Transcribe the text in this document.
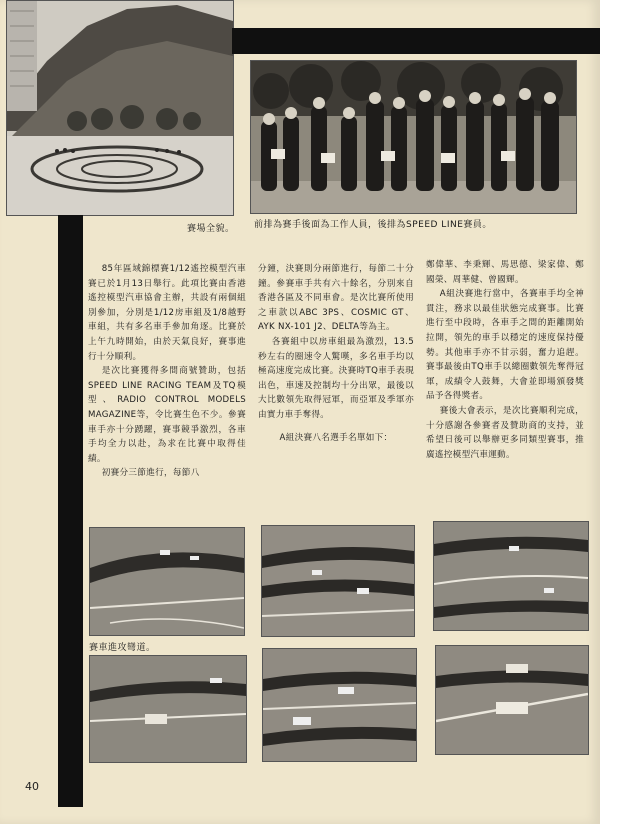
賽場全貌。 前排為賽手後面為工作人員，後排為SPEED LINE賽員。

85年區域錦標賽1/12遙控模型汽車賽已於1月13日舉行。此項比賽由香港遙控模型汽車協會主辦，共設有兩個組別參加，分別是1/12房車組及1/8越野車組，共有多名車手參加角逐。比賽於上午九時開始，由於天氣良好，賽事進行十分順利。

是次比賽獲得多間商號贊助，包括SPEED LINE RACING TEAM及TQ模型、RADIO CONTROL MODELS MAGAZINE等，令比賽生色不少。參賽車手亦十分踴躍，賽事競爭激烈，各車手均全力以赴，為求在比賽中取得佳績。

初賽分三節進行，每節八

分鐘，決賽則分兩節進行，每節二十分鐘。參賽車手共有六十餘名，分別來自香港各區及不同車會。是次比賽所使用之車款以ABC 3PS、COSMIC GT、AYK NX-101 J2、DELTA等為主。

各賽組中以房車組最為激烈，13.5秒左右的圈速令人驚嘆，多名車手均以極高速度完成比賽。決賽時TQ車手表現出色，車速及控制均十分出眾，最後以大比數領先取得冠軍，而亞軍及季軍亦由實力車手奪得。

A組決賽八名選手名單如下：

鄭偉華、李秉輝、馬思德、梁家偉、鄭國榮、周華健、曾國輝。

A組決賽進行當中，各賽車手均全神貫注，務求以最佳狀態完成賽事。比賽進行至中段時，各車手之間的距離開始拉開，領先的車手以穩定的速度保持優勢。其他車手亦不甘示弱，奮力追趕。賽事最後由TQ車手以總圈數領先奪得冠軍，成績令人鼓舞，大會並即場頒發獎品予各得獎者。

賽後大會表示，是次比賽順利完成，十分感謝各參賽者及贊助商的支持，並希望日後可以舉辦更多同類型賽事，推廣遙控模型汽車運動。

賽車進攻彎道。
40
